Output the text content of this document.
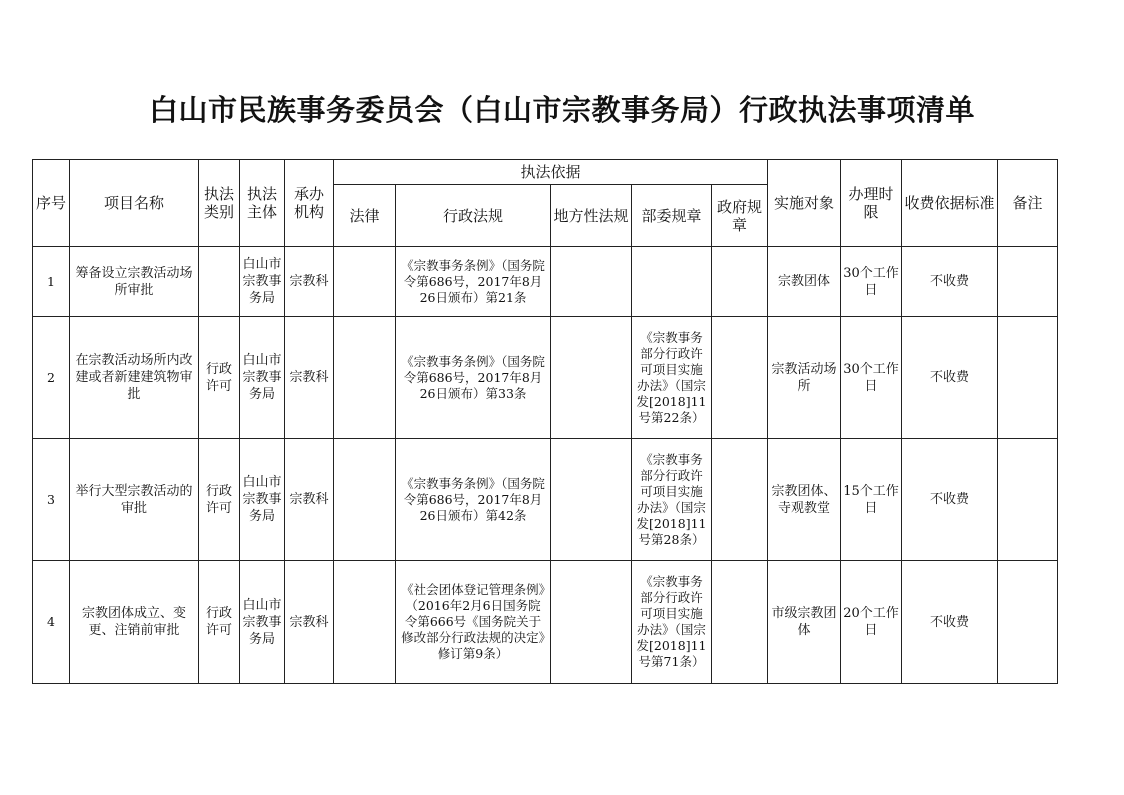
白山市民族事务委员会（白山市宗教事务局）行政执法事项清单
序号	项目名称	执法类别	执法主体	承办机构	执法依据					实施对象	办理时限	收费依据标准	备注
					法律	行政法规	地方性法规	部委规章	政府规章				
1	筹备设立宗教活动场所审批		白山市宗教事务局	宗教科		《宗教事务条例》（国务院令第686号，2017年8月26日颁布）第21条				宗教团体	30个工作日	不收费	
2	在宗教活动场所内改建或者新建建筑物审批	行政许可	白山市宗教事务局	宗教科		《宗教事务条例》（国务院令第686号，2017年8月26日颁布）第33条		《宗教事务部分行政许可项目实施办法》（国宗发[2018]11号第22条）		宗教活动场所	30个工作日	不收费	
3	举行大型宗教活动的审批	行政许可	白山市宗教事务局	宗教科		《宗教事务条例》（国务院令第686号，2017年8月26日颁布）第42条		《宗教事务部分行政许可项目实施办法》（国宗发[2018]11号第28条）		宗教团体、寺观教堂	15个工作日	不收费	
4	宗教团体成立、变更、注销前审批	行政许可	白山市宗教事务局	宗教科		《社会团体登记管理条例》（2016年2月6日国务院令第666号《国务院关于修改部分行政法规的决定》修订第9条）		《宗教事务部分行政许可项目实施办法》（国宗发[2018]11号第71条）		市级宗教团体	20个工作日	不收费	
